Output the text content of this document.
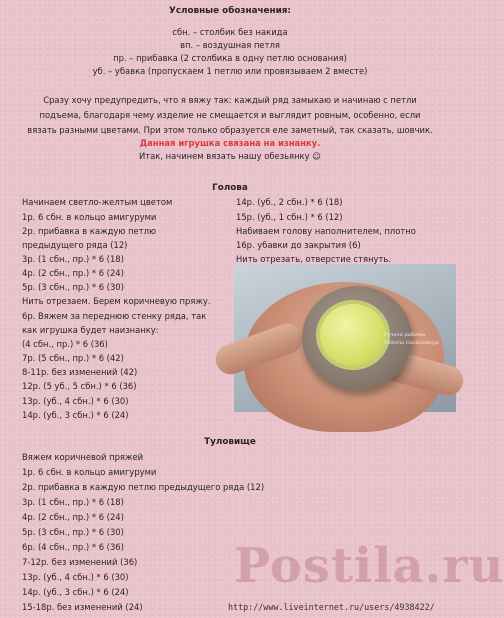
Условные обозначения:
сбн. – столбик без накида
вп. – воздушная петля
пр. – прибавка (2 столбика в одну петлю основания)
уб. – убавка (пропускаем 1 петлю или провязываем 2 вместе)
Сразу хочу предупредить, что я вяжу так: каждый ряд замыкаю и начинаю с петли
подъема, благодаря чему изделие не смещается и выглядит ровным, особенно, если
вязать разными цветами. При этом только образуется еле заметный, так сказать, шовчик.
Данная игрушка связана на изнанку.
Итак, начинем вязать нашу обезьянку ☺
Голова
Начинаем светло-желтым цветом
1р. 6 сбн. в кольцо амигуруми
2р. прибавка в каждую петлю
предыдущего ряда (12)
3р. (1 сбн., пр.) * 6 (18)
4р. (2 сбн., пр.) * 6 (24)
5р. (3 сбн., пр.) * 6 (30)
Нить отрезаем. Берем коричневую пряжу.
6р. Вяжем за переднюю стенку ряда, так
как игрушка будет наизнанку:
(4 сбн., пр.) * 6 (36)
7р. (5 сбн., пр.) * 6 (42)
8-11р. без изменений (42)
12р. (5 уб., 5 сбн.) * 6 (36)
13р. (уб., 4 сбн.) * 6 (30)
14р. (уб., 3 сбн.) * 6 (24)
14р. (уб., 2 сбн.) * 6 (18)
15р. (уб., 1 сбн.) * 6 (12)
Набиваем голову наполнителем, плотно
16р. убавки до закрытия (6)
Нить отрезать, отверстие стянуть.
Ручной работы
Viktoria Gavilovskaya
Туловище
Вяжем коричневой пряжей
1р. 6 сбн. в кольцо амигуруми
2р. прибавка в каждую петлю предыдущего ряда (12)
3р. (1 сбн., пр.) * 6 (18)
4р. (2 сбн., пр.) * 6 (24)
5р. (3 сбн., пр.) * 6 (30)
6р. (4 сбн., пр.) * 6 (36)
7-12р. без изменений (36)
13р. (уб., 4 сбн.) * 6 (30)
14р. (уб., 3 сбн.) * 6 (24)
15-18р. без изменений (24)
Postila.ru
http://www.liveinternet.ru/users/4938422/
